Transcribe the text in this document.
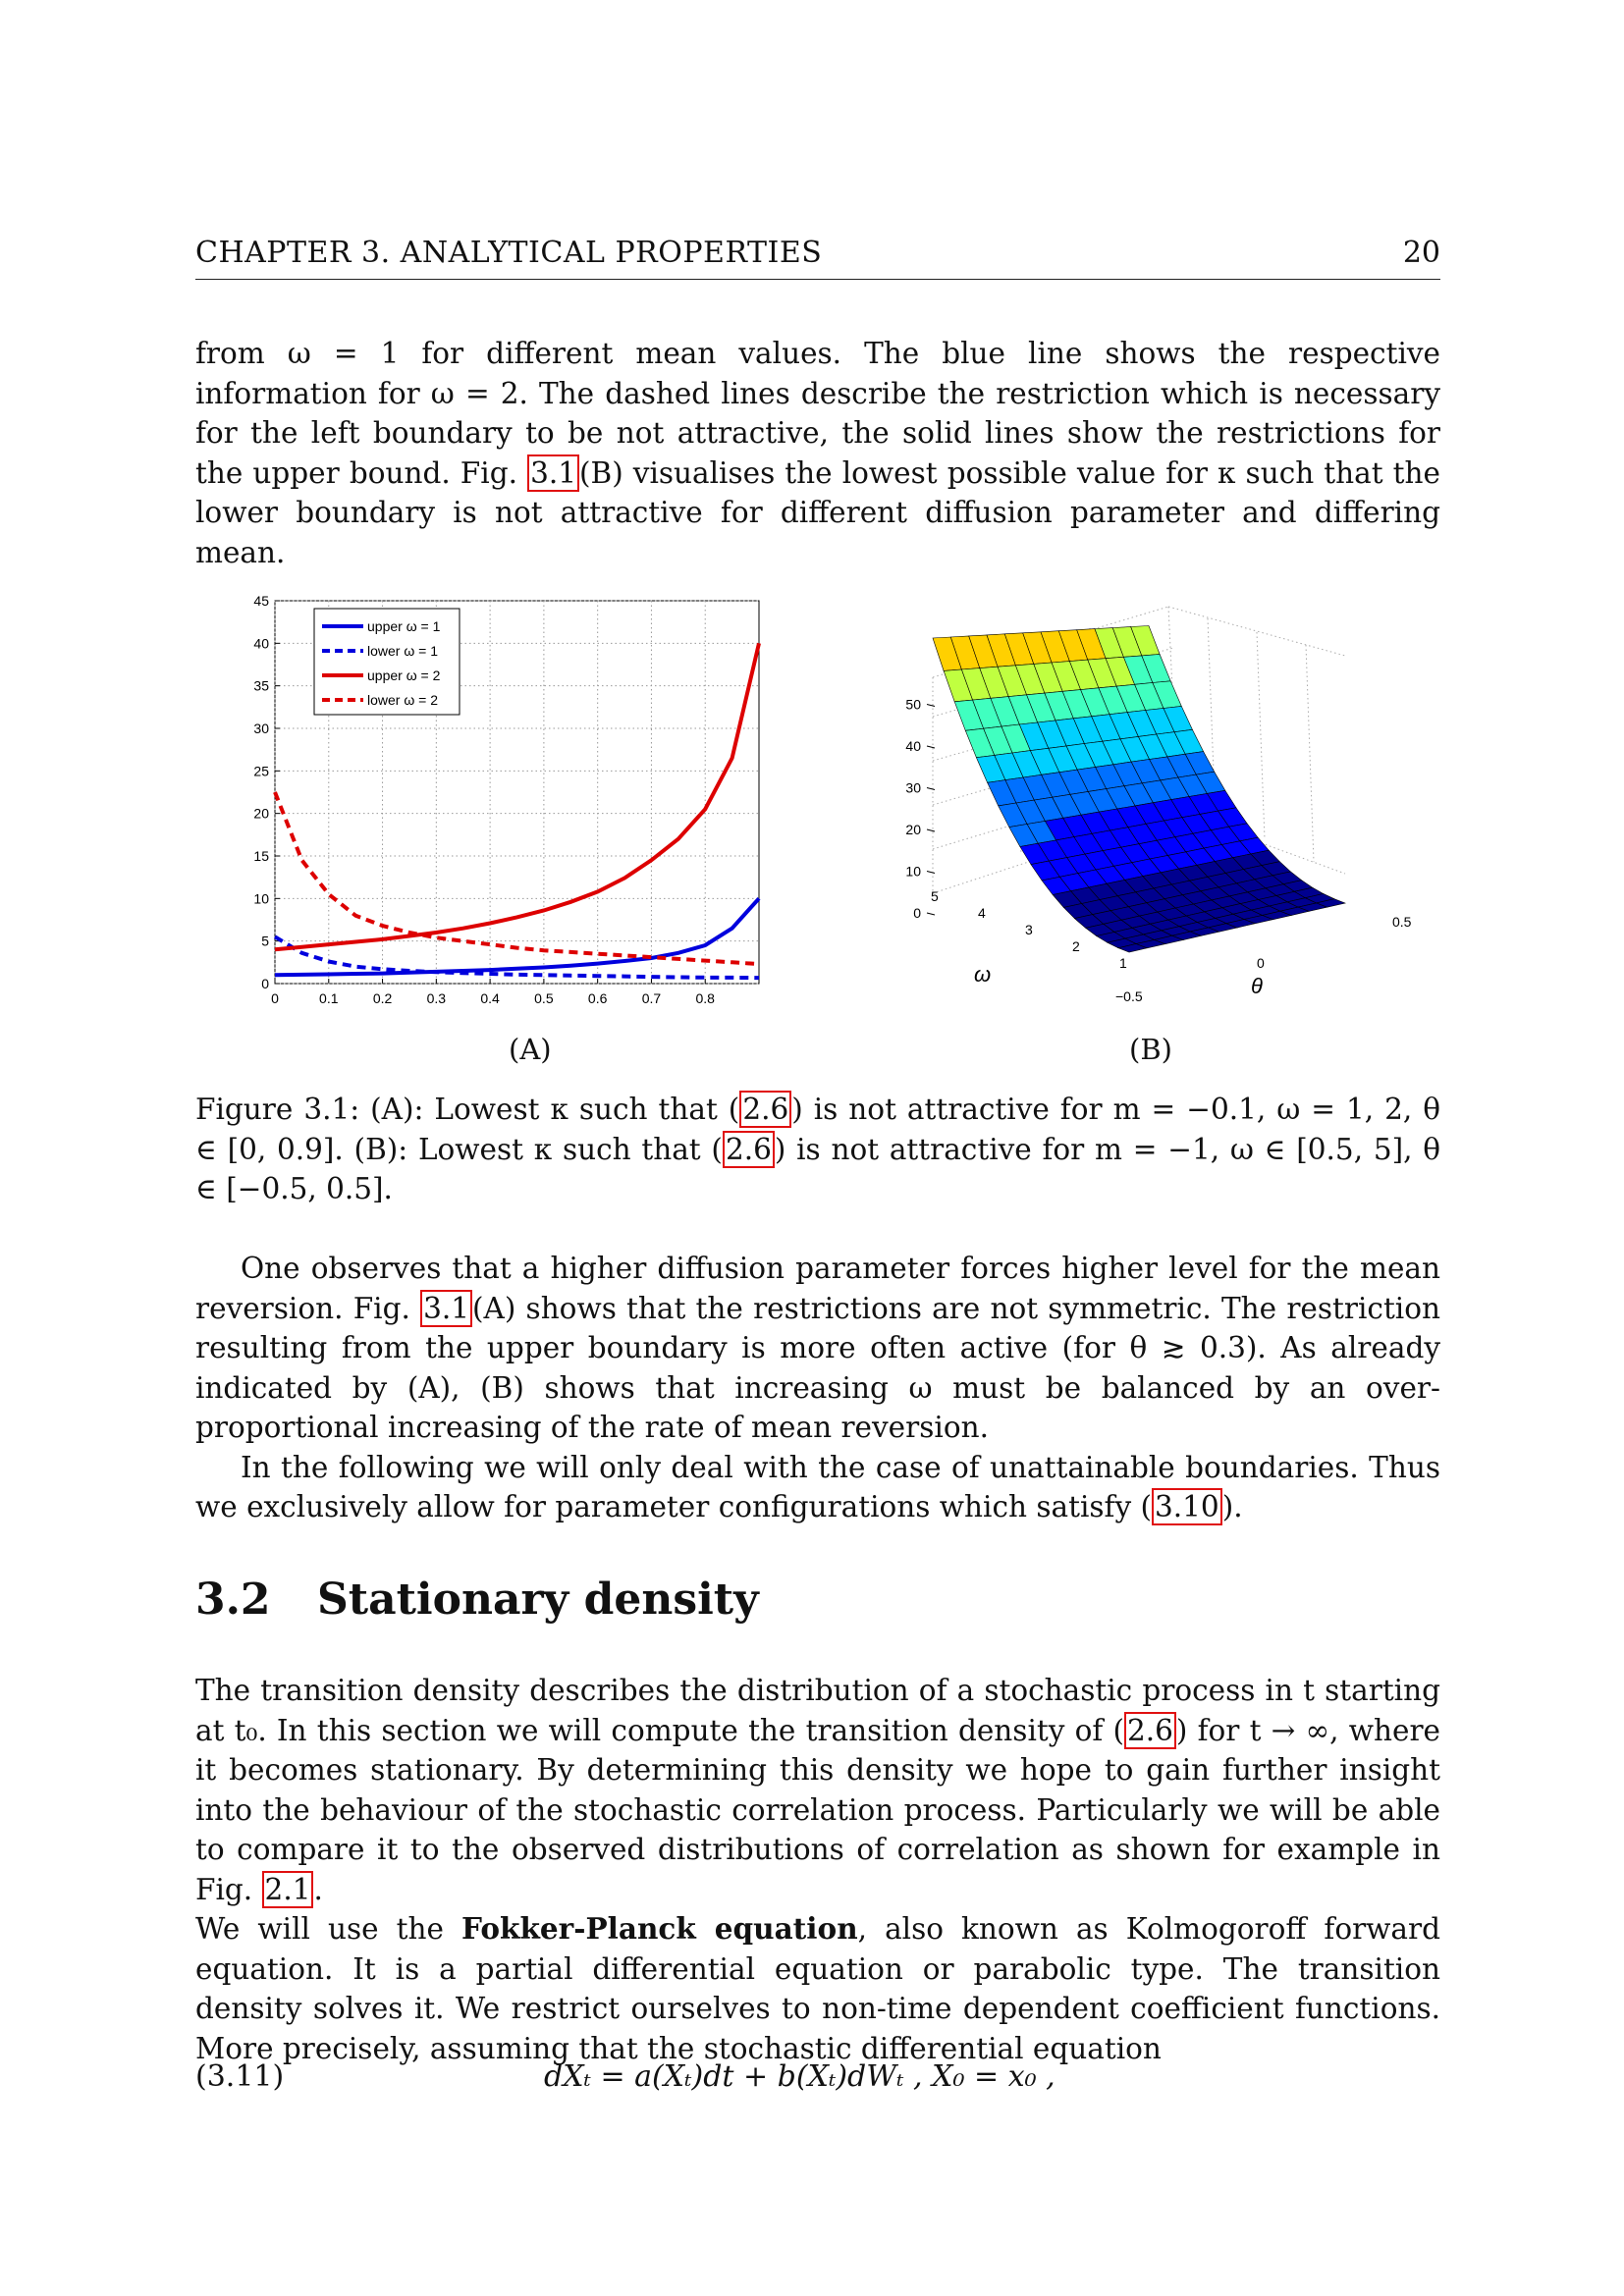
CHAPTER 3. ANALYTICAL PROPERTIES	20

from ω = 1 for different mean values. The blue line shows the respective information for ω = 2. The dashed lines describe the restriction which is necessary for the left boundary to be not attractive, the solid lines show the restrictions for the upper bound. Fig. 3.1 (B) visualises the lowest possible value for κ such that the lower boundary is not attractive for different diffusion parameter and differing mean.

0	0.1	0.2	0.3	0.4	0.5	0.6	0.7	0.8
0
5
10
15
20
25
30
35
40
45
upper ω = 1
lower ω = 1
upper ω = 2
lower ω = 2
(A)
0
10
20
30
40
50
5
4
3
2
1
ω
−0.5
0
0.5
θ
(B)

Figure 3.1: (A): Lowest κ such that ( 2.6 ) is not attractive for m = −0.1, ω = 1, 2, θ ∈ [0, 0.9]. (B): Lowest κ such that ( 2.6 ) is not attractive for m = −1, ω ∈ [0.5, 5], θ ∈ [−0.5, 0.5].

One observes that a higher diffusion parameter forces higher level for the mean reversion. Fig. 3.1 (A) shows that the restrictions are not symmetric. The restriction resulting from the upper boundary is more often active (for θ ≳ 0.3). As already indicated by (A), (B) shows that increasing ω must be balanced by an over-proportional increasing of the rate of mean reversion.

In the following we will only deal with the case of unattainable boundaries. Thus we exclusively allow for parameter configurations which satisfy ( 3.10 ).

3.2 Stationary density

The transition density describes the distribution of a stochastic process in t starting at t₀. In this section we will compute the transition density of ( 2.6 ) for t → ∞, where it becomes stationary. By determining this density we hope to gain further insight into the behaviour of the stochastic correlation process. Particularly we will be able to compare it to the observed distributions of correlation as shown for example in Fig. 2.1 .

We will use the Fokker-Planck equation, also known as Kolmogoroff forward equation. It is a partial differential equation or parabolic type. The transition density solves it. We restrict ourselves to non-time dependent coefficient functions. More precisely, assuming that the stochastic differential equation

(3.11)	dXₜ = a(Xₜ)dt + b(Xₜ)dWₜ , X₀ = x₀ ,
